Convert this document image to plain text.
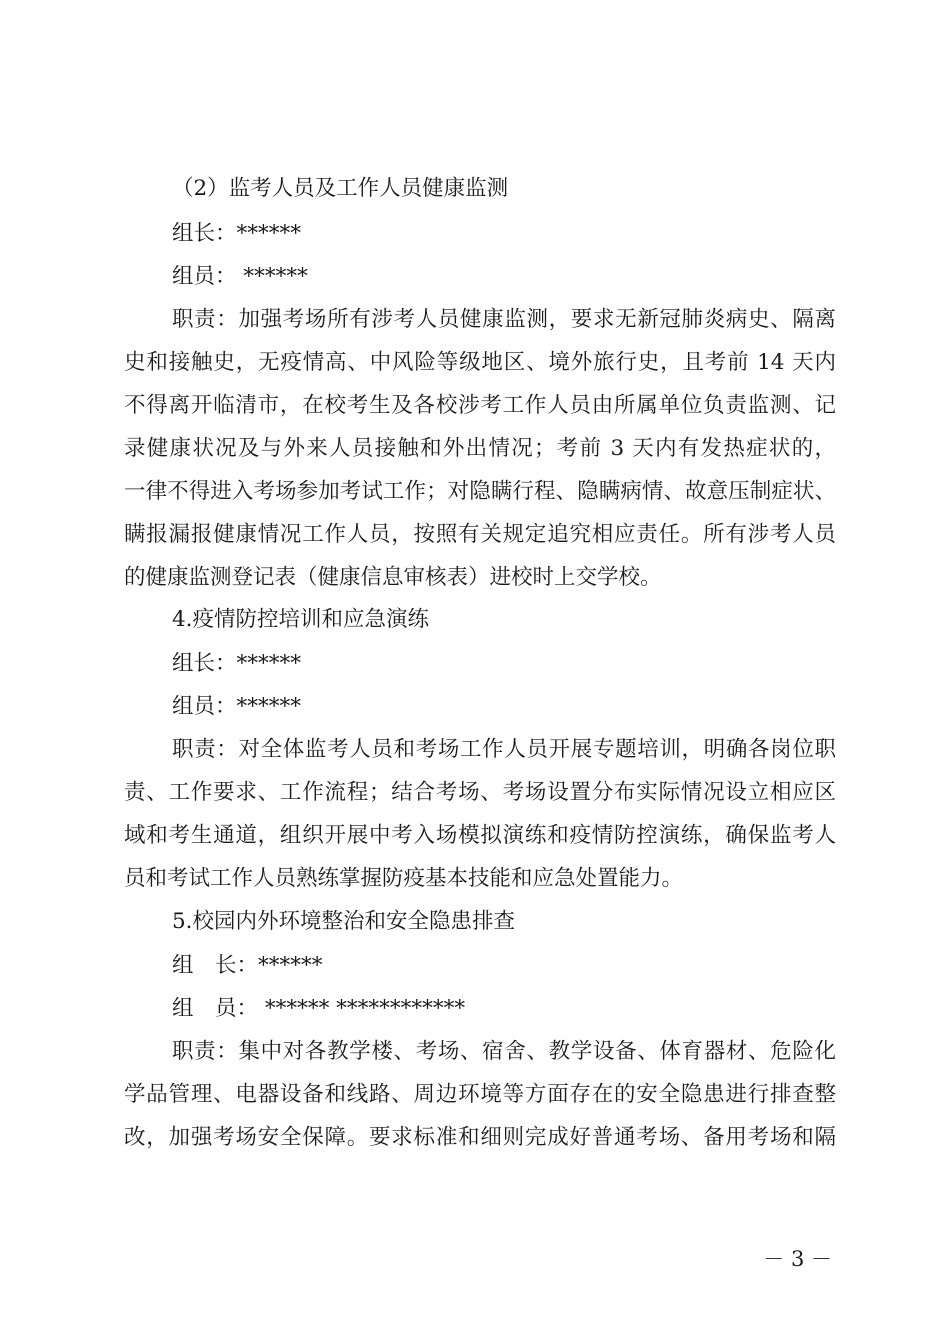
（2）监考人员及工作人员健康监测
组长：******
组员： ******
职责：加强考场所有涉考人员健康监测，要求无新冠肺炎病史、隔离
史和接触史，无疫情高、中风险等级地区、境外旅行史，且考前 14 天内
不得离开临清市，在校考生及各校涉考工作人员由所属单位负责监测、记
录健康状况及与外来人员接触和外出情况；考前 3 天内有发热症状的，
一律不得进入考场参加考试工作；对隐瞒行程、隐瞒病情、故意压制症状、
瞒报漏报健康情况工作人员，按照有关规定追究相应责任。所有涉考人员
的健康监测登记表（健康信息审核表）进校时上交学校。
4.疫情防控培训和应急演练
组长：******
组员：******
职责：对全体监考人员和考场工作人员开展专题培训，明确各岗位职
责、工作要求、工作流程；结合考场、考场设置分布实际情况设立相应区
域和考生通道，组织开展中考入场模拟演练和疫情防控演练，确保监考人
员和考试工作人员熟练掌握防疫基本技能和应急处置能力。
5.校园内外环境整治和安全隐患排查
组　长：******
组　员： ****** ************
职责：集中对各教学楼、考场、宿舍、教学设备、体育器材、危险化
学品管理、电器设备和线路、周边环境等方面存在的安全隐患进行排查整
改，加强考场安全保障。要求标准和细则完成好普通考场、备用考场和隔
－ 3 －
